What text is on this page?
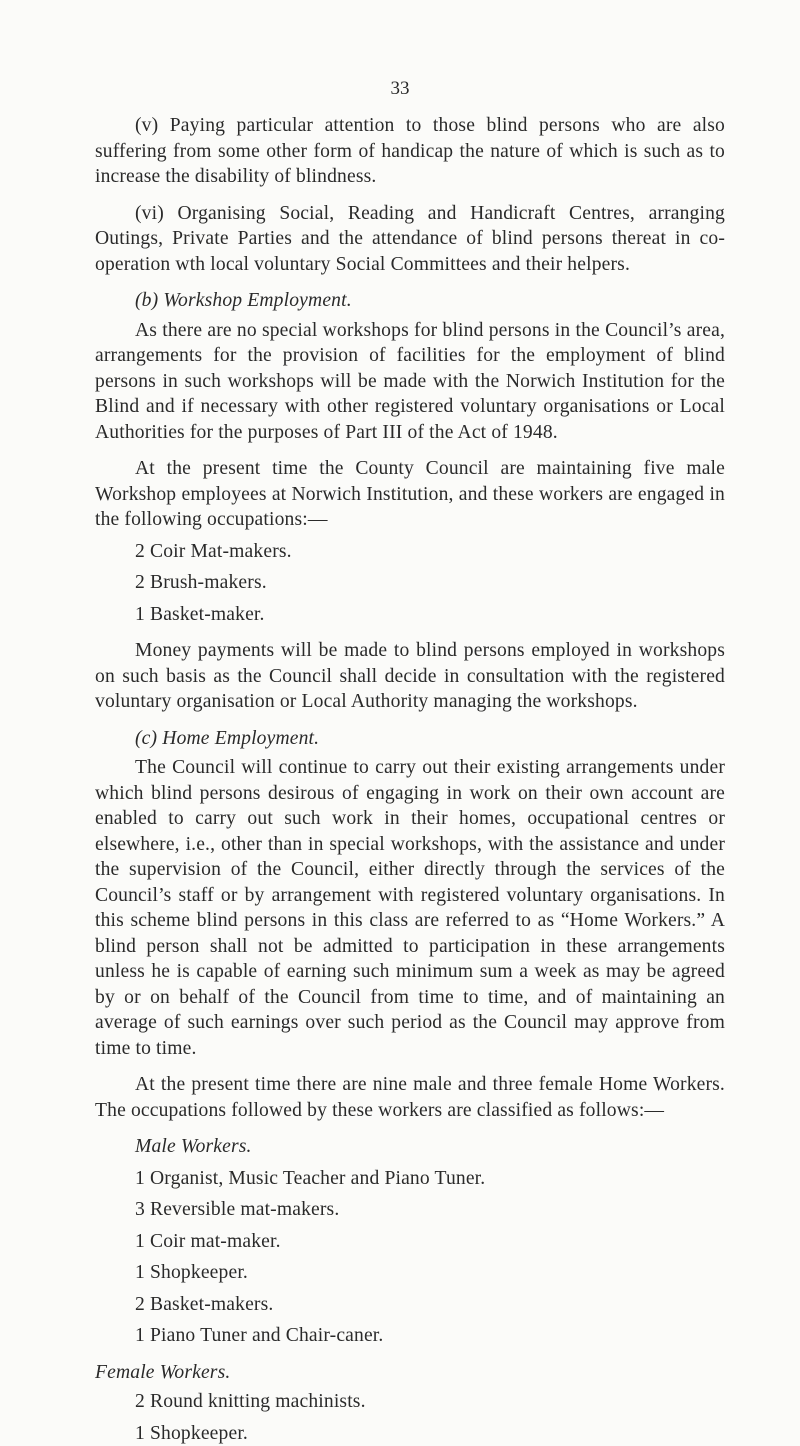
33

(v) Paying particular attention to those blind persons who are also suffering from some other form of handicap the nature of which is such as to increase the disability of blindness.

(vi) Organising Social, Reading and Handicraft Centres, arranging Outings, Private Parties and the attendance of blind persons thereat in co-operation wth local voluntary Social Committees and their helpers.

(b) Workshop Employment.

As there are no special workshops for blind persons in the Council’s area, arrangements for the provision of facilities for the employment of blind persons in such workshops will be made with the Norwich Institution for the Blind and if necessary with other registered voluntary organisations or Local Authorities for the purposes of Part III of the Act of 1948.

At the present time the County Council are maintaining five male Workshop employees at Norwich Institution, and these workers are engaged in the following occupations:—

2 Coir Mat-makers.
2 Brush-makers.
1 Basket-maker.

Money payments will be made to blind persons employed in workshops on such basis as the Council shall decide in consultation with the registered voluntary organisation or Local Authority managing the workshops.

(c) Home Employment.

The Council will continue to carry out their existing arrangements under which blind persons desirous of engaging in work on their own account are enabled to carry out such work in their homes, occupational centres or elsewhere, i.e., other than in special workshops, with the assistance and under the supervision of the Council, either directly through the services of the Council’s staff or by arrangement with registered voluntary organisations. In this scheme blind persons in this class are referred to as “Home Workers.” A blind person shall not be admitted to participation in these arrangements unless he is capable of earning such minimum sum a week as may be agreed by or on behalf of the Council from time to time, and of maintaining an average of such earnings over such period as the Council may approve from time to time.

At the present time there are nine male and three female Home Workers. The occupations followed by these workers are classified as follows:—

Male Workers.

1 Organist, Music Teacher and Piano Tuner.
3 Reversible mat-makers.
1 Coir mat-maker.
1 Shopkeeper.
2 Basket-makers.
1 Piano Tuner and Chair-caner.

Female Workers.

2 Round knitting machinists.
1 Shopkeeper.
